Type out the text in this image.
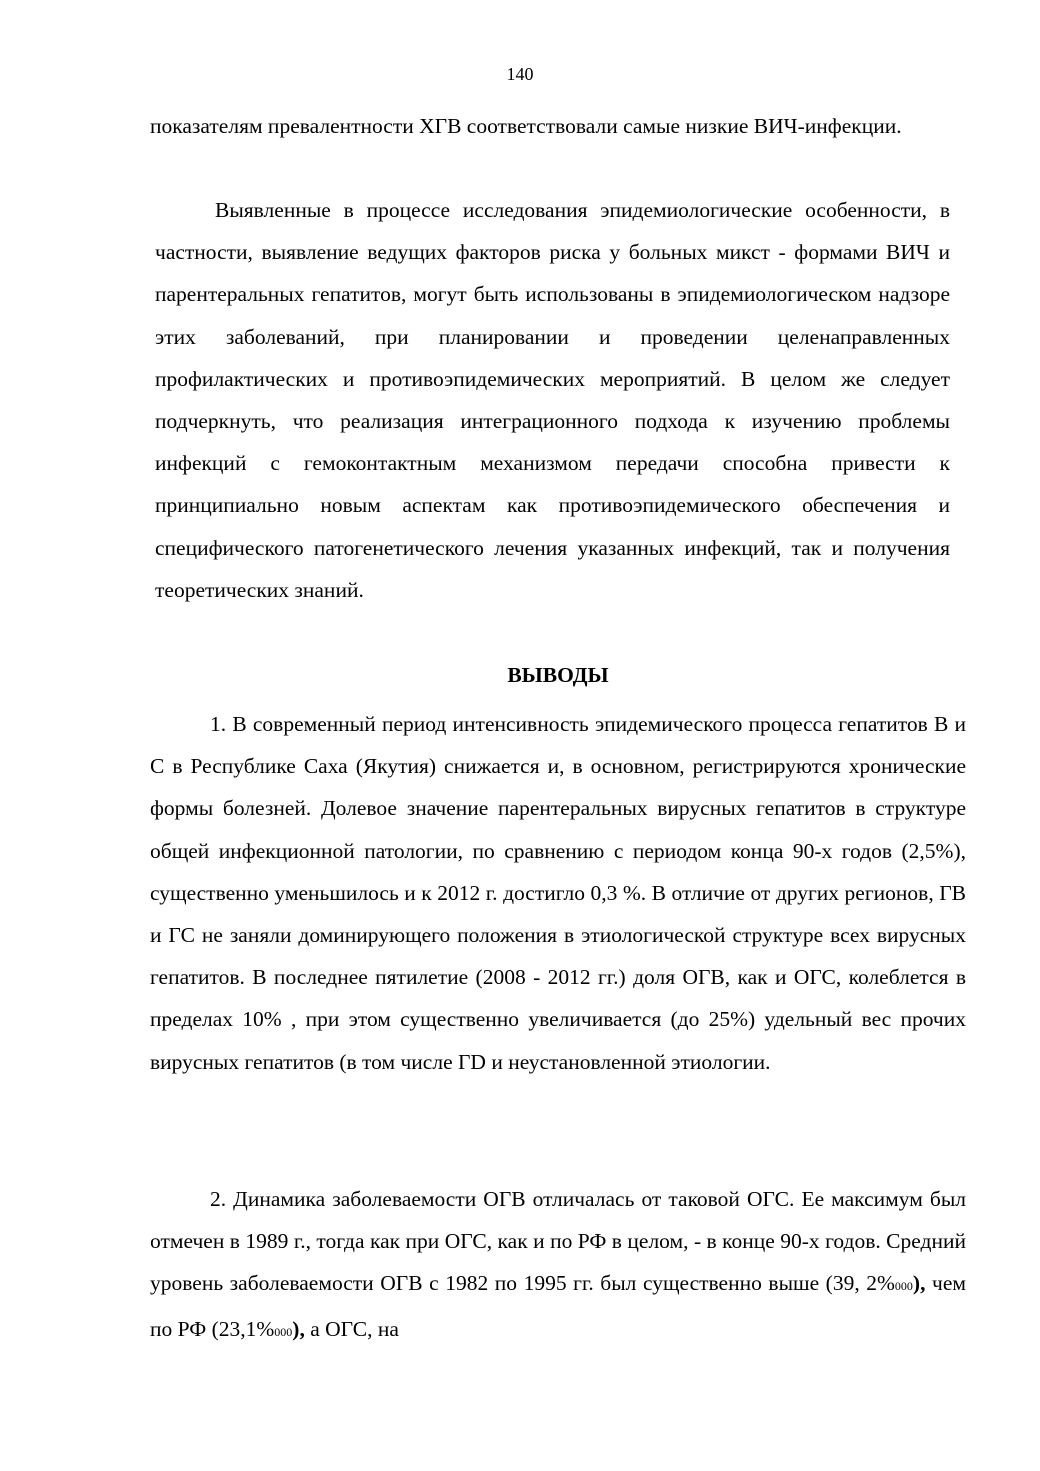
140

показателям превалентности ХГВ соответствовали самые низкие ВИЧ-инфекции.

Выявленные в процессе исследования эпидемиологические особенности, в частности, выявление ведущих факторов риска у больных микст - формами ВИЧ и парентеральных гепатитов, могут быть использованы в эпидемиологическом надзоре этих заболеваний, при планировании и проведении целенаправленных профилактических и противоэпидемических мероприятий. В целом же следует подчеркнуть, что реализация интеграционного подхода к изучению проблемы инфекций с гемоконтактным механизмом передачи способна привести к принципиально новым аспектам как противоэпидемического обеспечения и специфического патогенетического лечения указанных инфекций, так и получения теоретических знаний.

ВЫВОДЫ

1. В современный период интенсивность эпидемического процесса гепатитов В и С в Республике Саха (Якутия) снижается и, в основном, регистрируются хронические формы болезней. Долевое значение парентеральных вирусных гепатитов в структуре общей инфекционной патологии, по сравнению с периодом конца 90-х годов (2,5%), существенно уменьшилось и к 2012 г. достигло 0,3 %. В отличие от других регионов, ГВ и ГС не заняли доминирующего положения в этиологической структуре всех вирусных гепатитов. В последнее пятилетие (2008 - 2012 гг.) доля ОГВ, как и ОГС, колеблется в пределах 10% , при этом существенно увеличивается (до 25%) удельный вес прочих вирусных гепатитов (в том числе ГD и неустановленной этиологии.

2. Динамика заболеваемости ОГВ отличалась от таковой ОГС. Ее максимум был отмечен в 1989 г., тогда как при ОГС, как и по РФ в целом, - в конце 90-х годов. Средний уровень заболеваемости ОГВ с 1982 по 1995 гг. был существенно выше (39, 2%000), чем по РФ (23,1%000), а ОГС, на
